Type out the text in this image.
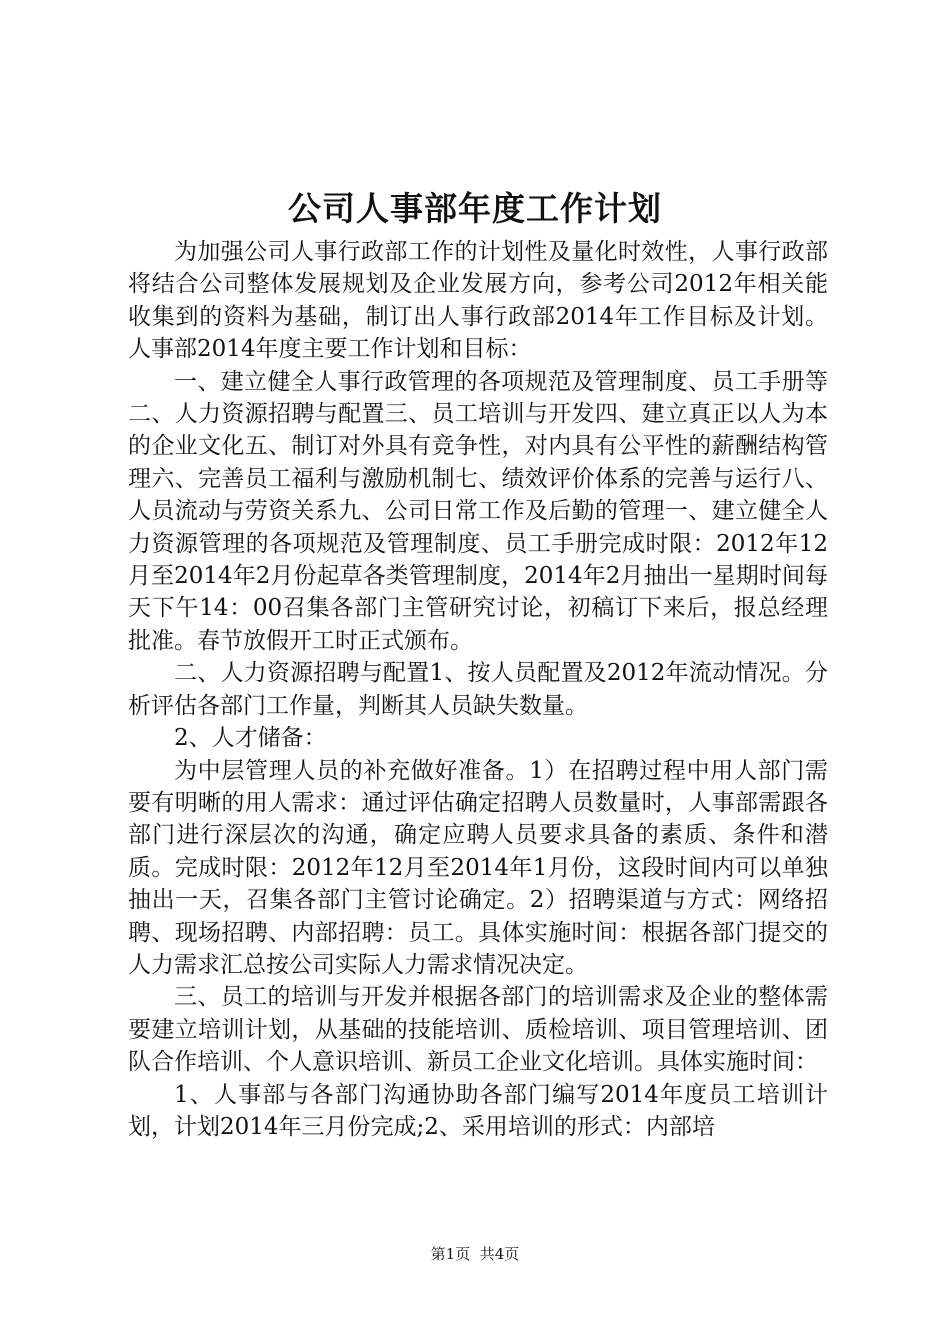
公司人事部年度工作计划

为加强公司人事行政部工作的计划性及量化时效性，人事行政部将结合公司整体发展规划及企业发展方向，参考公司2012年相关能收集到的资料为基础，制订出人事行政部2014年工作目标及计划。人事部2014年度主要工作计划和目标：

一、建立健全人事行政管理的各项规范及管理制度、员工手册等二、人力资源招聘与配置三、员工培训与开发四、建立真正以人为本的企业文化五、制订对外具有竞争性，对内具有公平性的薪酬结构管理六、完善员工福利与激励机制七、绩效评价体系的完善与运行八、人员流动与劳资关系九、公司日常工作及后勤的管理一、建立健全人力资源管理的各项规范及管理制度、员工手册完成时限：2012年12月至2014年2月份起草各类管理制度，2014年2月抽出一星期时间每天下午14：00召集各部门主管研究讨论，初稿订下来后，报总经理批准。春节放假开工时正式颁布。

二、人力资源招聘与配置1、按人员配置及2012年流动情况。分析评估各部门工作量，判断其人员缺失数量。

2、人才储备：

为中层管理人员的补充做好准备。1）在招聘过程中用人部门需要有明晰的用人需求：通过评估确定招聘人员数量时，人事部需跟各部门进行深层次的沟通，确定应聘人员要求具备的素质、条件和潜质。完成时限：2012年12月至2014年1月份，这段时间内可以单独抽出一天，召集各部门主管讨论确定。2）招聘渠道与方式：网络招聘、现场招聘、内部招聘：员工。具体实施时间：根据各部门提交的人力需求汇总按公司实际人力需求情况决定。

三、员工的培训与开发并根据各部门的培训需求及企业的整体需要建立培训计划，从基础的技能培训、质检培训、项目管理培训、团队合作培训、个人意识培训、新员工企业文化培训。具体实施时间：

1、人事部与各部门沟通协助各部门编写2014年度员工培训计划，计划2014年三月份完成;2、采用培训的形式：内部培

第1页 共4页
